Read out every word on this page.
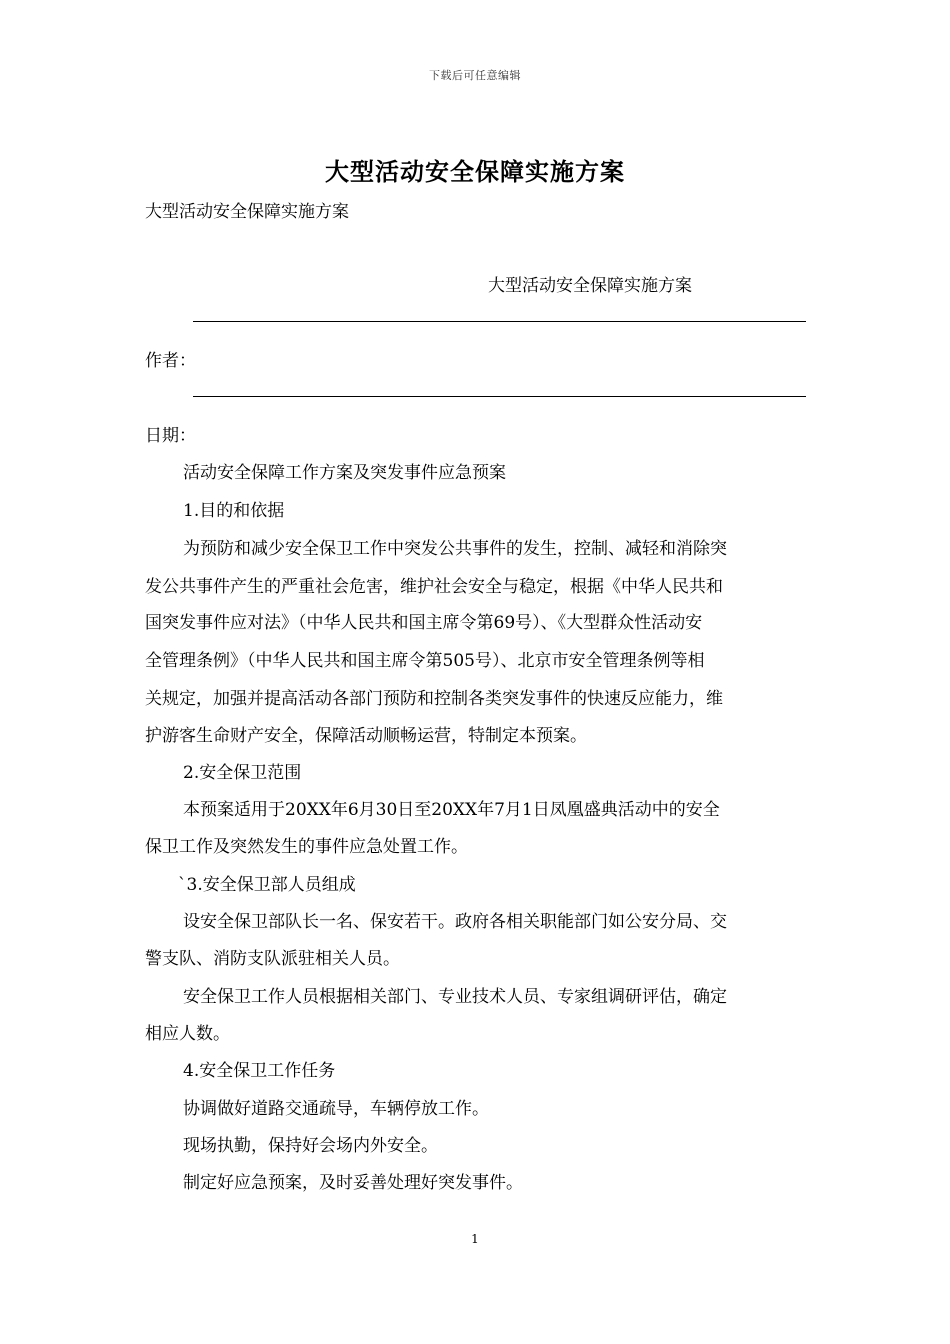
下载后可任意编辑
大型活动安全保障实施方案
大型活动安全保障实施方案
大型活动安全保障实施方案
作者：
日期：
活动安全保障工作方案及突发事件应急预案
1.目的和依据
为预防和减少安全保卫工作中突发公共事件的发生，控制、减轻和消除突
发公共事件产生的严重社会危害，维护社会安全与稳定，根据《中华人民共和
国突发事件应对法》（中华人民共和国主席令第69号）、《大型群众性活动安
全管理条例》（中华人民共和国主席令第505号）、北京市安全管理条例等相
关规定，加强并提高活动各部门预防和控制各类突发事件的快速反应能力，维
护游客生命财产安全，保障活动顺畅运营，特制定本预案。
2.安全保卫范围
本预案适用于20XX年6月30日至20XX年7月1日凤凰盛典活动中的安全
保卫工作及突然发生的事件应急处置工作。
`3.安全保卫部人员组成
设安全保卫部队长一名、保安若干。政府各相关职能部门如公安分局、交
警支队、消防支队派驻相关人员。
安全保卫工作人员根据相关部门、专业技术人员、专家组调研评估，确定
相应人数。
4.安全保卫工作任务
协调做好道路交通疏导，车辆停放工作。
现场执勤，保持好会场内外安全。
制定好应急预案，及时妥善处理好突发事件。
1
